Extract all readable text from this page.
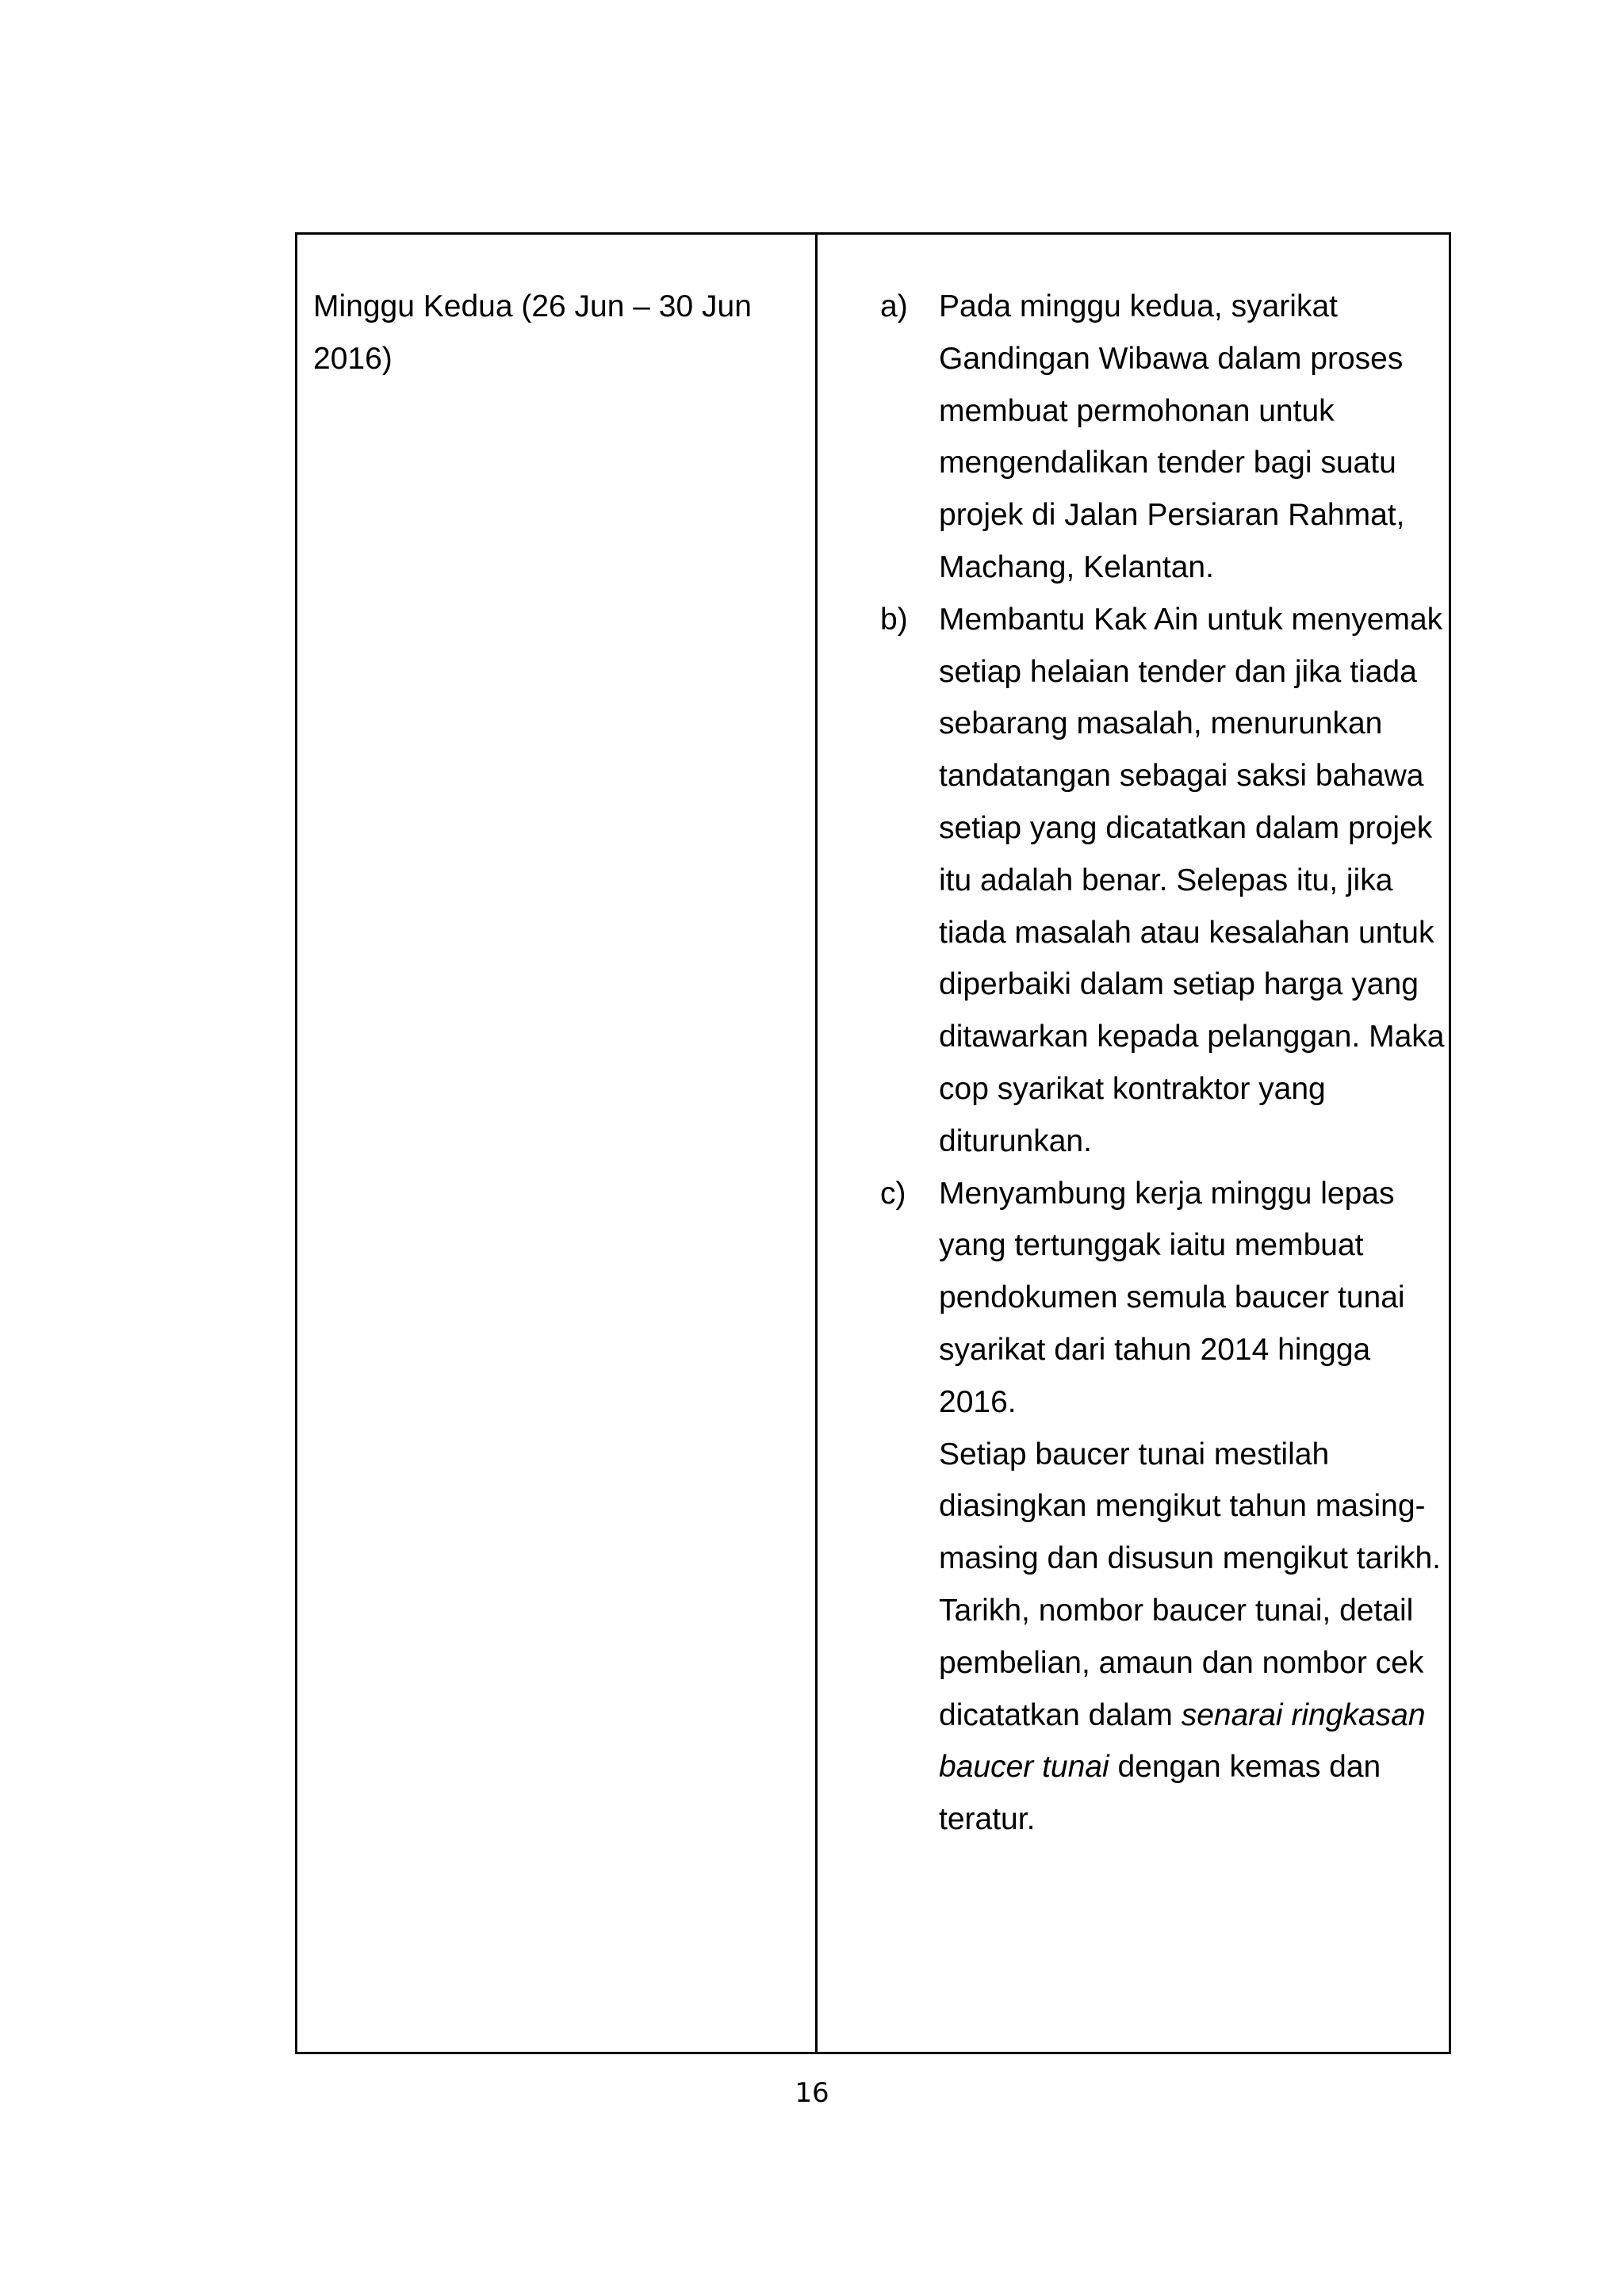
Minggu Kedua (26 Jun – 30 Jun 2016)
a) Pada minggu kedua, syarikat
Gandingan Wibawa dalam proses
membuat permohonan untuk
mengendalikan tender bagi suatu
projek di Jalan Persiaran Rahmat,
Machang, Kelantan.
b) Membantu Kak Ain untuk menyemak
setiap helaian tender dan jika tiada
sebarang masalah, menurunkan
tandatangan sebagai saksi bahawa
setiap yang dicatatkan dalam projek
itu adalah benar. Selepas itu, jika
tiada masalah atau kesalahan untuk
diperbaiki dalam setiap harga yang
ditawarkan kepada pelanggan. Maka
cop syarikat kontraktor yang
diturunkan.
c) Menyambung kerja minggu lepas
yang tertunggak iaitu membuat
pendokumen semula baucer tunai
syarikat dari tahun 2014 hingga 2016.
Setiap baucer tunai mestilah
diasingkan mengikut tahun masing-
masing dan disusun mengikut tarikh.
Tarikh, nombor baucer tunai, detail
pembelian, amaun dan nombor cek
dicatatkan dalam senarai ringkasan
baucer tunai dengan kemas dan
teratur.
16
